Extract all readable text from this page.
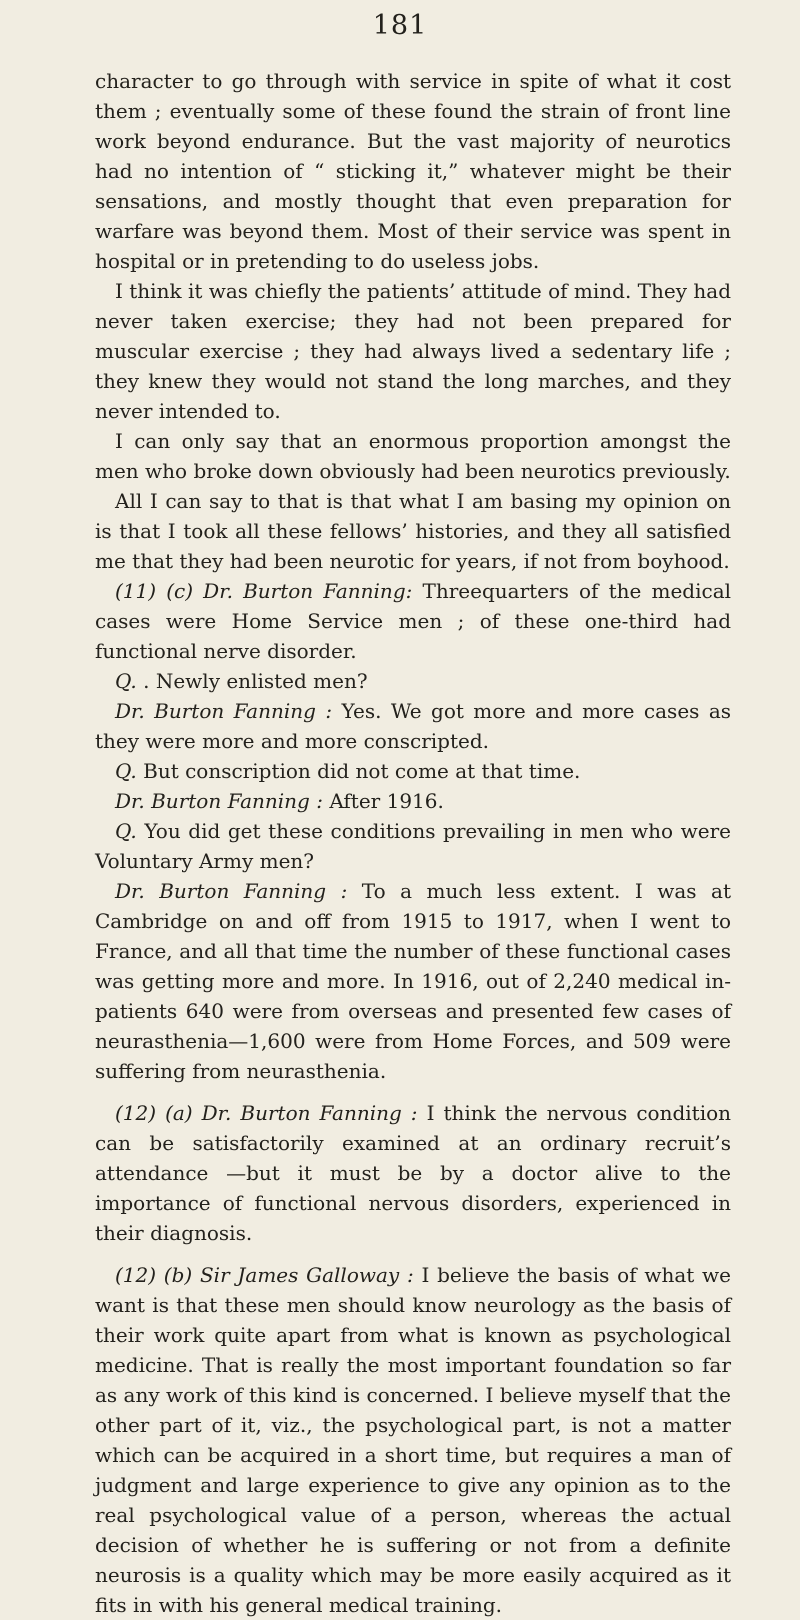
181

character to go through with service in spite of what it cost them ; eventually some of these found the strain of front line work beyond endurance. But the vast majority of neurotics had no intention of “ sticking it,” whatever might be their sensations, and mostly thought that even preparation for warfare was beyond them. Most of their service was spent in hospital or in pretending to do useless jobs.

I think it was chiefly the patients’ attitude of mind. They had never taken exercise; they had not been prepared for muscular exercise ; they had always lived a sedentary life ; they knew they would not stand the long marches, and they never intended to.

I can only say that an enormous proportion amongst the men who broke down obviously had been neurotics previously.

All I can say to that is that what I am basing my opinion on is that I took all these fellows’ histories, and they all satisfied me that they had been neurotic for years, if not from boyhood.

(11) (c) Dr. Burton Fanning: Threequarters of the medical cases were Home Service men ; of these one-third had functional nerve disorder.

Q. . Newly enlisted men?

Dr. Burton Fanning : Yes. We got more and more cases as they were more and more conscripted.

Q. But conscription did not come at that time.

Dr. Burton Fanning : After 1916.

Q. You did get these conditions prevailing in men who were Voluntary Army men?

Dr. Burton Fanning : To a much less extent. I was at Cambridge on and off from 1915 to 1917, when I went to France, and all that time the number of these functional cases was getting more and more. In 1916, out of 2,240 medical in-patients 640 were from overseas and presented few cases of neurasthenia—1,600 were from Home Forces, and 509 were suffering from neurasthenia.

(12) (a) Dr. Burton Fanning : I think the nervous condition can be satisfactorily examined at an ordinary recruit’s attendance —but it must be by a doctor alive to the importance of functional nervous disorders, experienced in their diagnosis.

(12) (b) Sir James Galloway : I believe the basis of what we want is that these men should know neurology as the basis of their work quite apart from what is known as psychological medicine. That is really the most important foundation so far as any work of this kind is concerned. I believe myself that the other part of it, viz., the psychological part, is not a matter which can be acquired in a short time, but requires a man of judgment and large experience to give any opinion as to the real psychological value of a person, whereas the actual decision of whether he is suffering or not from a definite neurosis is a quality which may be more easily acquired as it fits in with his general medical training.
